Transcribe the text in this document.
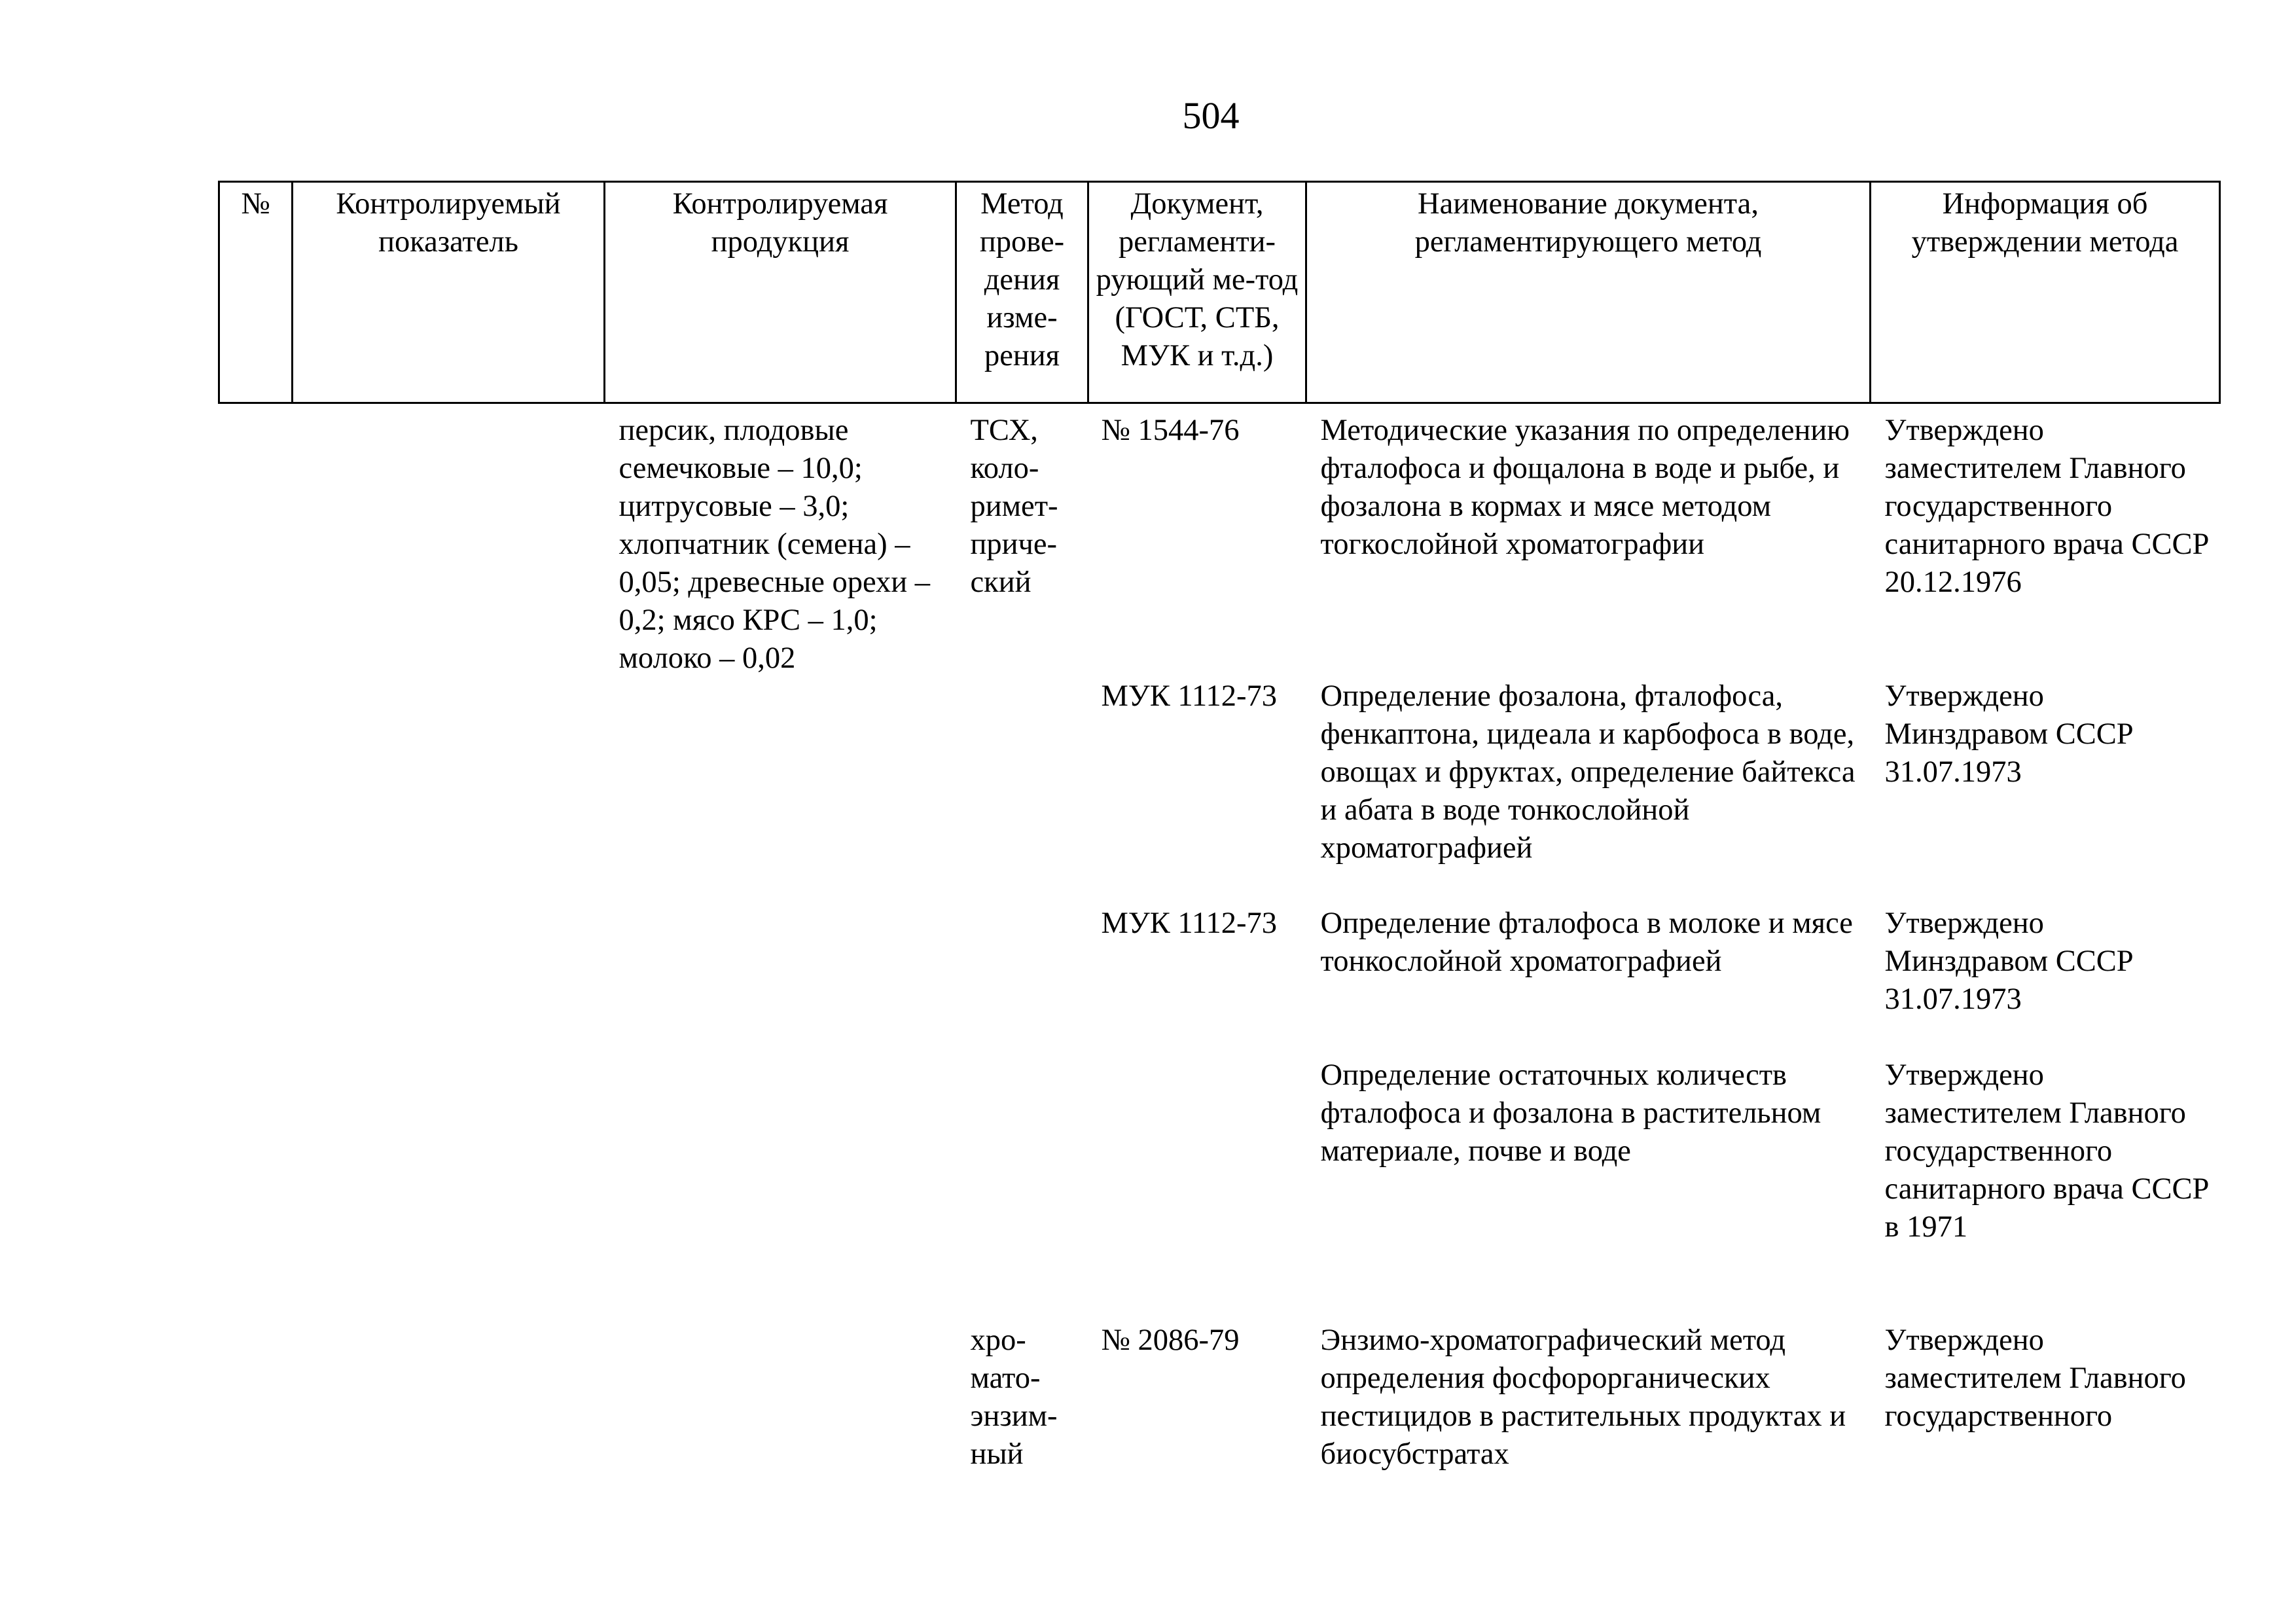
504
№	Контролируемый показатель	Контролируемая продукция	Метод прове-дения изме-рения	Документ, регламенти-рующий ме-тод (ГОСТ, СТБ, МУК и т.д.)	Наименование документа, регламентирующего метод	Информация об утверждении метода
		персик, плодовые семечковые – 10,0; цитрусовые – 3,0; хлопчатник (семена) – 0,05; древесные орехи – 0,2; мясо КРС – 1,0; молоко – 0,02	ТСХ, коло-римет-приче-ский	№ 1544-76	Методические указания по определению фталофоса и фощалона в воде и рыбе, и фозалона в кормах и мясе методом тогкослойной хроматографии	Утверждено заместителем Главного государственного санитарного врача СССР 20.12.1976
				МУК 1112-73	Определение фозалона, фталофоса, фенкаптона, цидеала и карбофоса в воде, овощах и фруктах, определение байтекса и абата в воде тонкослойной хроматографией	Утверждено Минздравом СССР 31.07.1973
				МУК 1112-73	Определение фталофоса в молоке и мясе тонкослойной хроматографией	Утверждено Минздравом СССР 31.07.1973
					Определение остаточных количеств фталофоса и фозалона в растительном материале, почве и воде	Утверждено заместителем Главного государственного санитарного врача СССР в 1971
			хро-мато-энзим-ный	№ 2086-79	Энзимо-хроматографический метод определения фосфорорганических пестицидов в растительных продуктах и биосубстратах	Утверждено заместителем Главного государственного
